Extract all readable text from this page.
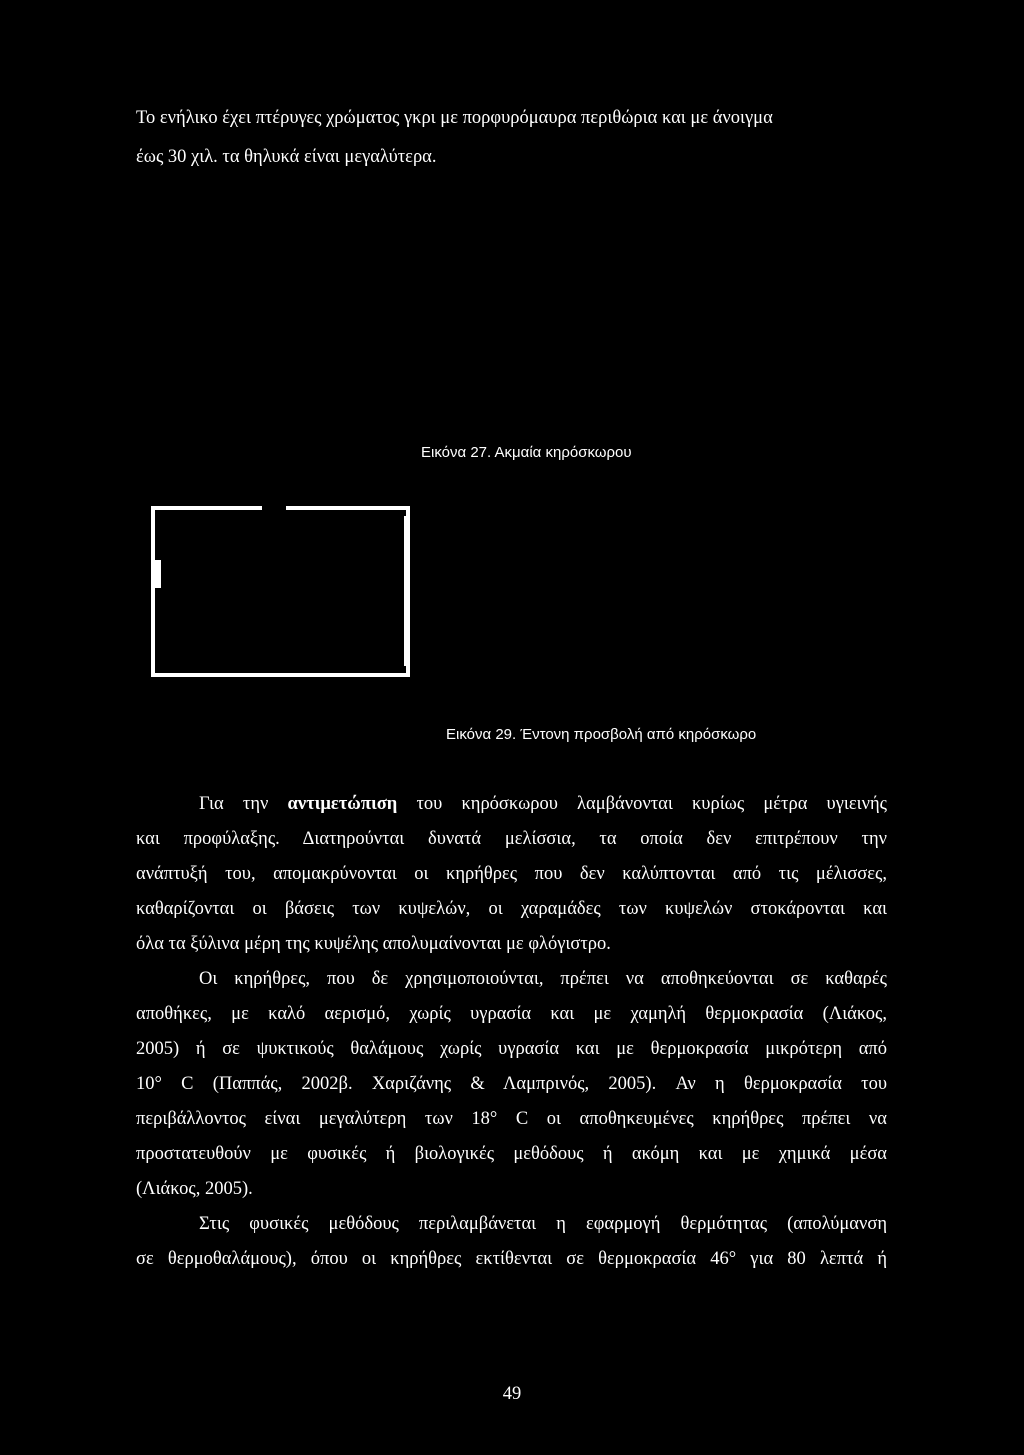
Το ενήλικο έχει πτέρυγες χρώματος γκρι με πορφυρόμαυρα περιθώρια και με άνοιγμα
έως 30 χιλ. τα θηλυκά είναι μεγαλύτερα.
Εικόνα 27. Ακμαία κηρόσκωρου
Εικόνα 29. Έντονη προσβολή από κηρόσκωρο
Για την αντιμετώπιση του κηρόσκωρου λαμβάνονται κυρίως μέτρα υγιεινής
και προφύλαξης. Διατηρούνται δυνατά μελίσσια, τα οποία δεν επιτρέπουν την
ανάπτυξή του, απομακρύνονται οι κηρήθρες που δεν καλύπτονται από τις μέλισσες,
καθαρίζονται οι βάσεις των κυψελών, οι χαραμάδες των κυψελών στοκάρονται και
όλα τα ξύλινα μέρη της κυψέλης απολυμαίνονται με φλόγιστρο.
Οι κηρήθρες, που δε χρησιμοποιούνται, πρέπει να αποθηκεύονται σε καθαρές
αποθήκες, με καλό αερισμό, χωρίς υγρασία και με χαμηλή θερμοκρασία (Λιάκος,
2005) ή σε ψυκτικούς θαλάμους χωρίς υγρασία και με θερμοκρασία μικρότερη από
10° C (Παππάς, 2002β. Χαριζάνης & Λαμπρινός, 2005). Αν η θερμοκρασία του
περιβάλλοντος είναι μεγαλύτερη των 18° C οι αποθηκευμένες κηρήθρες πρέπει να
προστατευθούν με φυσικές ή βιολογικές μεθόδους ή ακόμη και με χημικά μέσα
(Λιάκος, 2005).
Στις φυσικές μεθόδους περιλαμβάνεται η εφαρμογή θερμότητας (απολύμανση
σε θερμοθαλάμους), όπου οι κηρήθρες εκτίθενται σε θερμοκρασία 46° για 80 λεπτά ή
49
